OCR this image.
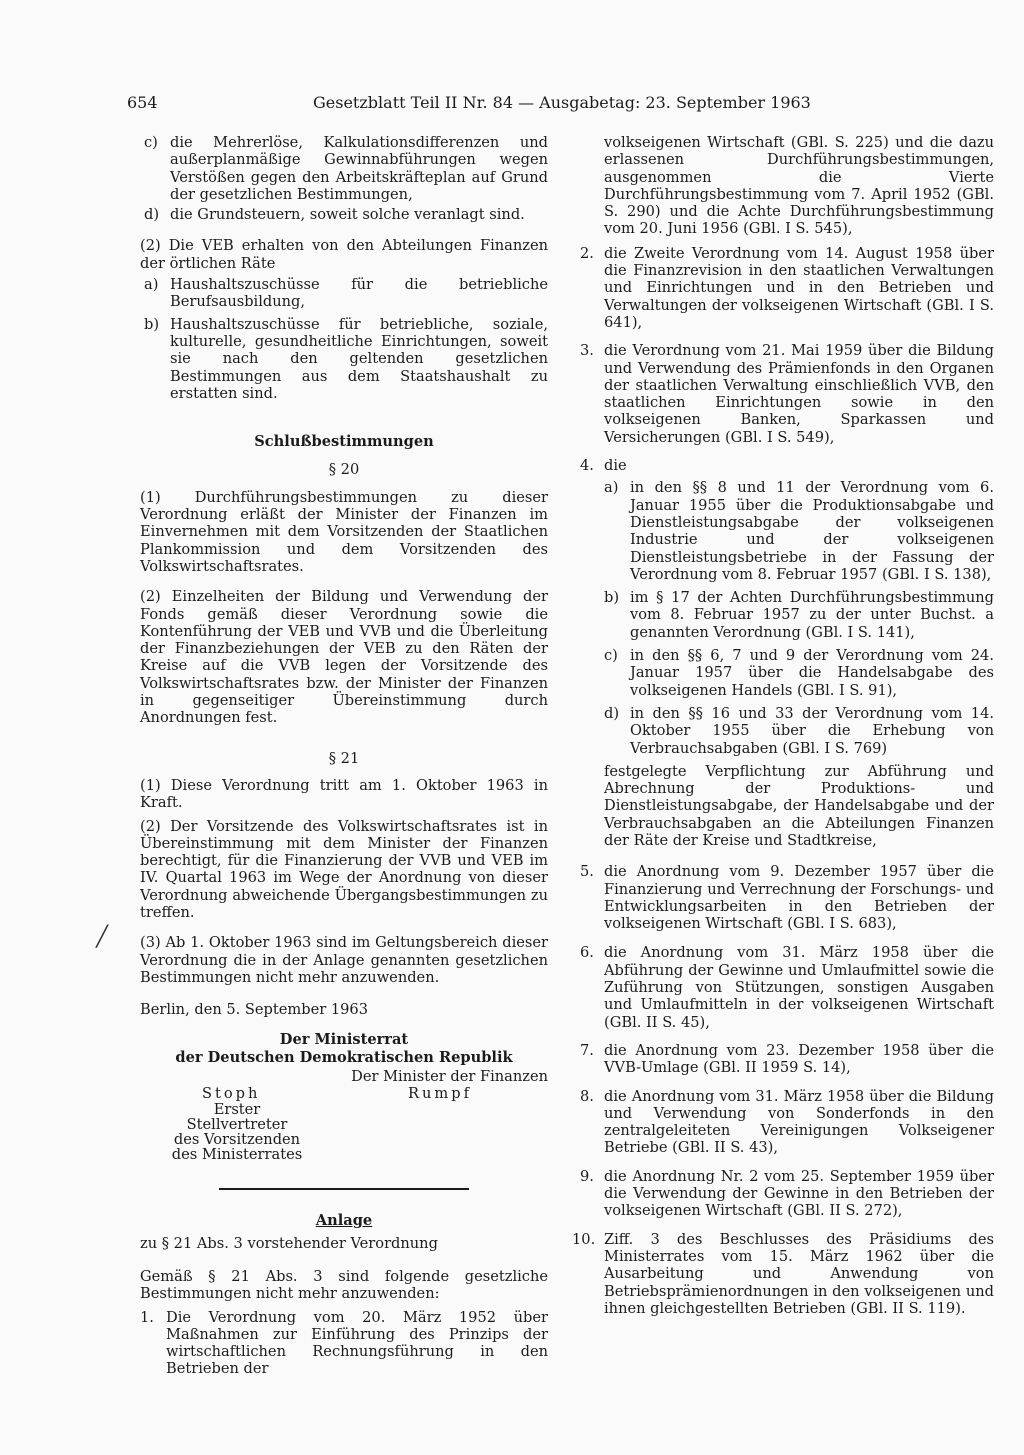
654	Gesetzblatt Teil II Nr. 84 — Ausgabetag: 23. September 1963
c) die Mehrerlöse, Kalkulationsdifferenzen und außerplanmäßige Gewinnabführungen wegen Verstößen gegen den Arbeitskräfteplan auf Grund der gesetzlichen Bestimmungen,
d) die Grundsteuern, soweit solche veranlagt sind.

(2) Die VEB erhalten von den Abteilungen Finanzen der örtlichen Räte

a) Haushaltszuschüsse für die betriebliche Berufsausbildung,
b) Haushaltszuschüsse für betriebliche, soziale, kulturelle, gesundheitliche Einrichtungen, soweit sie nach den geltenden gesetzlichen Bestimmungen aus dem Staatshaushalt zu erstatten sind.

Schlußbestimmungen

§ 20

(1) Durchführungsbestimmungen zu dieser Verordnung erläßt der Minister der Finanzen im Einvernehmen mit dem Vorsitzenden der Staatlichen Plankommission und dem Vorsitzenden des Volkswirtschaftsrates.

(2) Einzelheiten der Bildung und Verwendung der Fonds gemäß dieser Verordnung sowie die Kontenführung der VEB und VVB und die Überleitung der Finanzbeziehungen der VEB zu den Räten der Kreise auf die VVB legen der Vorsitzende des Volkswirtschaftsrates bzw. der Minister der Finanzen in gegenseitiger Übereinstimmung durch Anordnungen fest.

§ 21

(1) Diese Verordnung tritt am 1. Oktober 1963 in Kraft.

(2) Der Vorsitzende des Volkswirtschaftsrates ist in Übereinstimmung mit dem Minister der Finanzen berechtigt, für die Finanzierung der VVB und VEB im IV. Quartal 1963 im Wege der Anordnung von dieser Verordnung abweichende Übergangsbestimmungen zu treffen.

(3) Ab 1. Oktober 1963 sind im Geltungsbereich dieser Verordnung die in der Anlage genannten gesetzlichen Bestimmungen nicht mehr anzuwenden.

Berlin, den 5. September 1963

Der Ministerrat

der Deutschen Demokratischen Republik

Der Minister der Finanzen

Stoph	Rumpf
Erster Stellvertreter
des Vorsitzenden
des Ministerrates

Anlage

zu § 21 Abs. 3 vorstehender Verordnung

Gemäß § 21 Abs. 3 sind folgende gesetzliche Bestimmungen nicht mehr anzuwenden:

1. Die Verordnung vom 20. März 1952 über Maßnahmen zur Einführung des Prinzips der wirtschaftlichen Rechnungsführung in den Betrieben der

volkseigenen Wirtschaft (GBl. S. 225) und die dazu erlassenen Durchführungsbestimmungen, ausgenommen die Vierte Durchführungsbestimmung vom 7. April 1952 (GBl. S. 290) und die Achte Durchführungsbestimmung vom 20. Juni 1956 (GBl. I S. 545),

2. die Zweite Verordnung vom 14. August 1958 über die Finanzrevision in den staatlichen Verwaltungen und Einrichtungen und in den Betrieben und Verwaltungen der volkseigenen Wirtschaft (GBl. I S. 641),
3. die Verordnung vom 21. Mai 1959 über die Bildung und Verwendung des Prämienfonds in den Organen der staatlichen Verwaltung einschließlich VVB, den staatlichen Einrichtungen sowie in den volkseigenen Banken, Sparkassen und Versicherungen (GBl. I S. 549),
4. die
a) in den §§ 8 und 11 der Verordnung vom 6. Januar 1955 über die Produktionsabgabe und Dienstleistungsabgabe der volkseigenen Industrie und der volkseigenen Dienstleistungsbetriebe in der Fassung der Verordnung vom 8. Februar 1957 (GBl. I S. 138),
b) im § 17 der Achten Durchführungsbestimmung vom 8. Februar 1957 zu der unter Buchst. a genannten Verordnung (GBl. I S. 141),
c) in den §§ 6, 7 und 9 der Verordnung vom 24. Januar 1957 über die Handelsabgabe des volkseigenen Handels (GBl. I S. 91),
d) in den §§ 16 und 33 der Verordnung vom 14. Oktober 1955 über die Erhebung von Verbrauchsabgaben (GBl. I S. 769)

festgelegte Verpflichtung zur Abführung und Abrechnung der Produktions- und Dienstleistungsabgabe, der Handelsabgabe und der Verbrauchsabgaben an die Abteilungen Finanzen der Räte der Kreise und Stadtkreise,

5. die Anordnung vom 9. Dezember 1957 über die Finanzierung und Verrechnung der Forschungs- und Entwicklungsarbeiten in den Betrieben der volkseigenen Wirtschaft (GBl. I S. 683),
6. die Anordnung vom 31. März 1958 über die Abführung der Gewinne und Umlaufmittel sowie die Zuführung von Stützungen, sonstigen Ausgaben und Umlaufmitteln in der volkseigenen Wirtschaft (GBl. II S. 45),
7. die Anordnung vom 23. Dezember 1958 über die VVB-Umlage (GBl. II 1959 S. 14),
8. die Anordnung vom 31. März 1958 über die Bildung und Verwendung von Sonderfonds in den zentralgeleiteten Vereinigungen Volkseigener Betriebe (GBl. II S. 43),
9. die Anordnung Nr. 2 vom 25. September 1959 über die Verwendung der Gewinne in den Betrieben der volkseigenen Wirtschaft (GBl. II S. 272),
10. Ziff. 3 des Beschlusses des Präsidiums des Ministerrates vom 15. März 1962 über die Ausarbeitung und Anwendung von Betriebsprämienordnungen in den volkseigenen und ihnen gleichgestellten Betrieben (GBl. II S. 119).
╱
